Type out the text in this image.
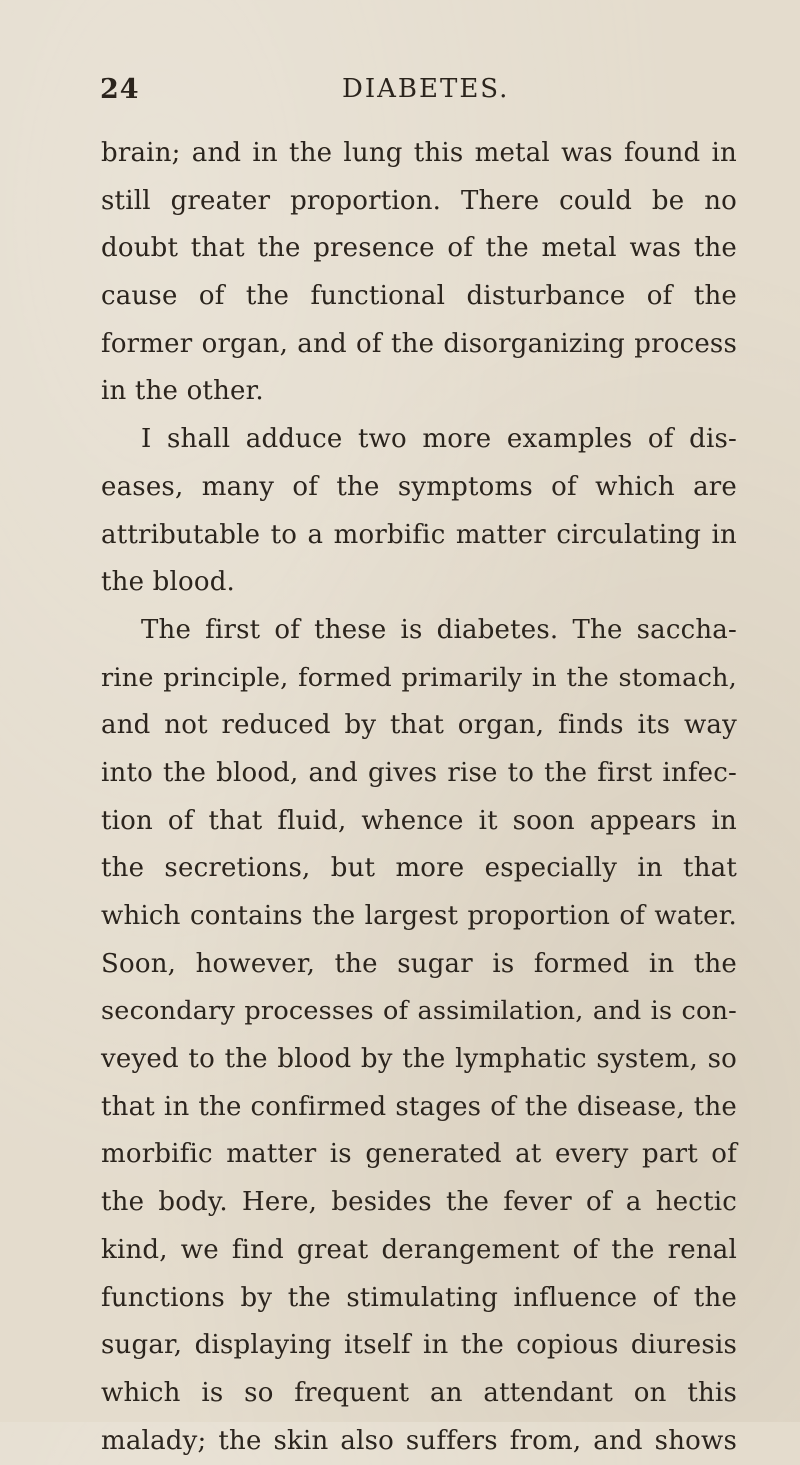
24	DIABETES.
brain; and in the lung this metal was found in
still greater proportion. There could be no
doubt that the presence of the metal was the
cause of the functional disturbance of the
former organ, and of the disorganizing process
in the other.
I shall adduce two more examples of dis-
eases, many of the symptoms of which are
attributable to a morbific matter circulating in
the blood.
The first of these is diabetes. The saccha-
rine principle, formed primarily in the stomach,
and not reduced by that organ, finds its way
into the blood, and gives rise to the first infec-
tion of that fluid, whence it soon appears in
the secretions, but more especially in that
which contains the largest proportion of water.
Soon, however, the sugar is formed in the
secondary processes of assimilation, and is con-
veyed to the blood by the lymphatic system, so
that in the confirmed stages of the disease, the
morbific matter is generated at every part of
the body. Here, besides the fever of a hectic
kind, we find great derangement of the renal
functions by the stimulating influence of the
sugar, displaying itself in the copious diuresis
which is so frequent an attendant on this
malady; the skin also suffers from, and shows
